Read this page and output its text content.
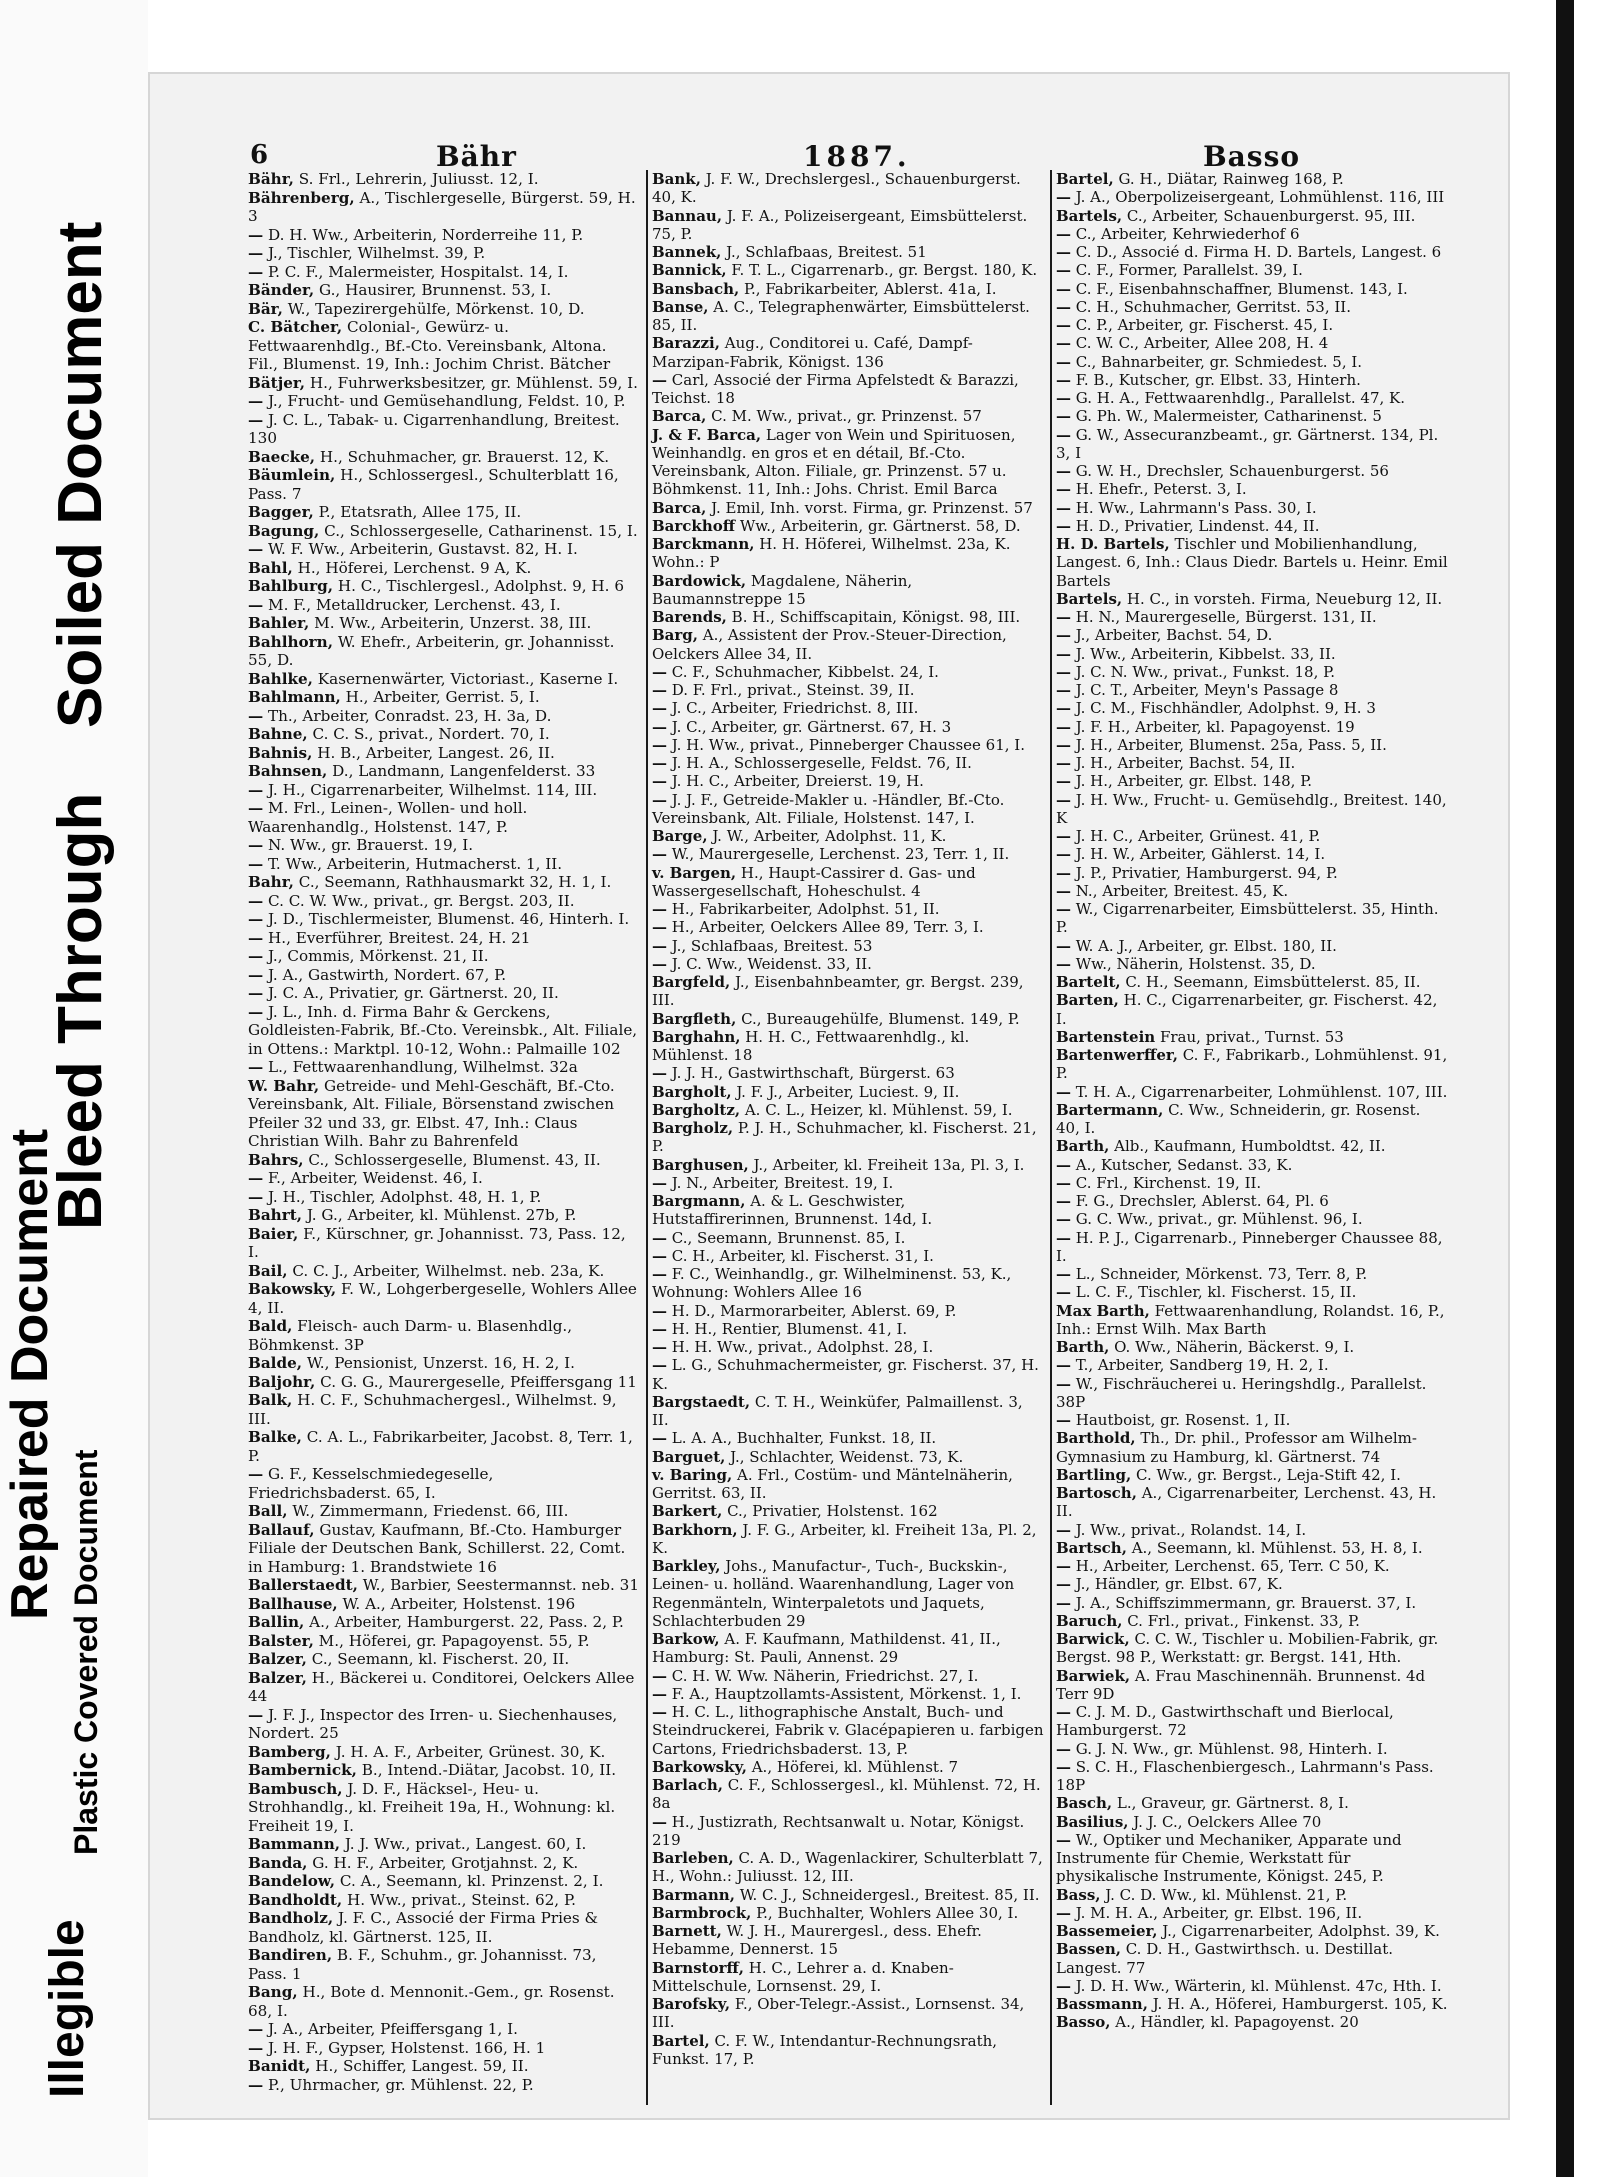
Illegible
Plastic Covered Document
Bleed Through
Soiled Document
Repaired Document
6	Bähr	1887.	Basso
Bähr, S. Frl., Lehrerin, Juliusst. 12, I.
Bährenberg, A., Tischlergeselle, Bürgerst. 59, H. 3
— D. H. Ww., Arbeiterin, Norderreihe 11, P.
— J., Tischler, Wilhelmst. 39, P.
— P. C. F., Malermeister, Hospitalst. 14, I.
Bänder, G., Hausirer, Brunnenst. 53, I.
Bär, W., Tapezirergehülfe, Mörkenst. 10, D.
C. Bätcher, Colonial-, Gewürz- u. Fettwaarenhdlg., Bf.-Cto. Vereinsbank, Altona. Fil., Blumenst. 19, Inh.: Jochim Christ. Bätcher
Bätjer, H., Fuhrwerksbesitzer, gr. Mühlenst. 59, I.
— J., Frucht- und Gemüsehandlung, Feldst. 10, P.
— J. C. L., Tabak- u. Cigarrenhandlung, Breitest. 130
Baecke, H., Schuhmacher, gr. Brauerst. 12, K.
Bäumlein, H., Schlossergesl., Schulterblatt 16, Pass. 7
Bagger, P., Etatsrath, Allee 175, II.
Bagung, C., Schlossergeselle, Catharinenst. 15, I.
— W. F. Ww., Arbeiterin, Gustavst. 82, H. I.
Bahl, H., Höferei, Lerchenst. 9 A, K.
Bahlburg, H. C., Tischlergesl., Adolphst. 9, H. 6
— M. F., Metalldrucker, Lerchenst. 43, I.
Bahler, M. Ww., Arbeiterin, Unzerst. 38, III.
Bahlhorn, W. Ehefr., Arbeiterin, gr. Johannisst. 55, D.
Bahlke, Kasernenwärter, Victoriast., Kaserne I.
Bahlmann, H., Arbeiter, Gerrist. 5, I.
— Th., Arbeiter, Conradst. 23, H. 3a, D.
Bahne, C. C. S., privat., Nordert. 70, I.
Bahnis, H. B., Arbeiter, Langest. 26, II.
Bahnsen, D., Landmann, Langenfelderst. 33
— J. H., Cigarrenarbeiter, Wilhelmst. 114, III.
— M. Frl., Leinen-, Wollen- und holl. Waarenhandlg., Holstenst. 147, P.
— N. Ww., gr. Brauerst. 19, I.
— T. Ww., Arbeiterin, Hutmacherst. 1, II.
Bahr, C., Seemann, Rathhausmarkt 32, H. 1, I.
— C. C. W. Ww., privat., gr. Bergst. 203, II.
— J. D., Tischlermeister, Blumenst. 46, Hinterh. I.
— H., Everführer, Breitest. 24, H. 21
— J., Commis, Mörkenst. 21, II.
— J. A., Gastwirth, Nordert. 67, P.
— J. C. A., Privatier, gr. Gärtnerst. 20, II.
— J. L., Inh. d. Firma Bahr & Gerckens, Goldleisten-Fabrik, Bf.-Cto. Vereinsbk., Alt. Filiale, in Ottens.: Marktpl. 10-12, Wohn.: Palmaille 102
— L., Fettwaarenhandlung, Wilhelmst. 32a
W. Bahr, Getreide- und Mehl-Geschäft, Bf.-Cto. Vereinsbank, Alt. Filiale, Börsenstand zwischen Pfeiler 32 und 33, gr. Elbst. 47, Inh.: Claus Christian Wilh. Bahr zu Bahrenfeld
Bahrs, C., Schlossergeselle, Blumenst. 43, II.
— F., Arbeiter, Weidenst. 46, I.
— J. H., Tischler, Adolphst. 48, H. 1, P.
Bahrt, J. G., Arbeiter, kl. Mühlenst. 27b, P.
Baier, F., Kürschner, gr. Johannisst. 73, Pass. 12, I.
Bail, C. C. J., Arbeiter, Wilhelmst. neb. 23a, K.
Bakowsky, F. W., Lohgerbergeselle, Wohlers Allee 4, II.
Bald, Fleisch- auch Darm- u. Blasenhdlg., Böhmkenst. 3P
Balde, W., Pensionist, Unzerst. 16, H. 2, I.
Baljohr, C. G. G., Maurergeselle, Pfeiffersgang 11
Balk, H. C. F., Schuhmachergesl., Wilhelmst. 9, III.
Balke, C. A. L., Fabrikarbeiter, Jacobst. 8, Terr. 1, P.
— G. F., Kesselschmiedegeselle, Friedrichsbaderst. 65, I.
Ball, W., Zimmermann, Friedenst. 66, III.
Ballauf, Gustav, Kaufmann, Bf.-Cto. Hamburger Filiale der Deutschen Bank, Schillerst. 22, Comt. in Hamburg: 1. Brandstwiete 16
Ballerstaedt, W., Barbier, Seestermannst. neb. 31
Ballhause, W. A., Arbeiter, Holstenst. 196
Ballin, A., Arbeiter, Hamburgerst. 22, Pass. 2, P.
Balster, M., Höferei, gr. Papagoyenst. 55, P.
Balzer, C., Seemann, kl. Fischerst. 20, II.
Balzer, H., Bäckerei u. Conditorei, Oelckers Allee 44
— J. F. J., Inspector des Irren- u. Siechenhauses, Nordert. 25
Bamberg, J. H. A. F., Arbeiter, Grünest. 30, K.
Bambernick, B., Intend.-Diätar, Jacobst. 10, II.
Bambusch, J. D. F., Häcksel-, Heu- u. Strohhandlg., kl. Freiheit 19a, H., Wohnung: kl. Freiheit 19, I.
Bammann, J. J. Ww., privat., Langest. 60, I.
Banda, G. H. F., Arbeiter, Grotjahnst. 2, K.
Bandelow, C. A., Seemann, kl. Prinzenst. 2, I.
Bandholdt, H. Ww., privat., Steinst. 62, P.
Bandholz, J. F. C., Associé der Firma Pries & Bandholz, kl. Gärtnerst. 125, II.
Bandiren, B. F., Schuhm., gr. Johannisst. 73, Pass. 1
Bang, H., Bote d. Mennonit.-Gem., gr. Rosenst. 68, I.
— J. A., Arbeiter, Pfeiffersgang 1, I.
— J. H. F., Gypser, Holstenst. 166, H. 1
Banidt, H., Schiffer, Langest. 59, II.
— P., Uhrmacher, gr. Mühlenst. 22, P.
Bank, J. F. W., Drechslergesl., Schauenburgerst. 40, K.
Bannau, J. F. A., Polizeisergeant, Eimsbüttelerst. 75, P.
Bannek, J., Schlafbaas, Breitest. 51
Bannick, F. T. L., Cigarrenarb., gr. Bergst. 180, K.
Bansbach, P., Fabrikarbeiter, Ablerst. 41a, I.
Banse, A. C., Telegraphenwärter, Eimsbüttelerst. 85, II.
Barazzi, Aug., Conditorei u. Café, Dampf-Marzipan-Fabrik, Königst. 136
— Carl, Associé der Firma Apfelstedt & Barazzi, Teichst. 18
Barca, C. M. Ww., privat., gr. Prinzenst. 57
J. & F. Barca, Lager von Wein und Spirituosen, Weinhandlg. en gros et en détail, Bf.-Cto. Vereinsbank, Alton. Filiale, gr. Prinzenst. 57 u. Böhmkenst. 11, Inh.: Johs. Christ. Emil Barca
Barca, J. Emil, Inh. vorst. Firma, gr. Prinzenst. 57
Barckhoff Ww., Arbeiterin, gr. Gärtnerst. 58, D.
Barckmann, H. H. Höferei, Wilhelmst. 23a, K. Wohn.: P
Bardowick, Magdalene, Näherin, Baumannstreppe 15
Barends, B. H., Schiffscapitain, Königst. 98, III.
Barg, A., Assistent der Prov.-Steuer-Direction, Oelckers Allee 34, II.
— C. F., Schuhmacher, Kibbelst. 24, I.
— D. F. Frl., privat., Steinst. 39, II.
— J. C., Arbeiter, Friedrichst. 8, III.
— J. C., Arbeiter, gr. Gärtnerst. 67, H. 3
— J. H. Ww., privat., Pinneberger Chaussee 61, I.
— J. H. A., Schlossergeselle, Feldst. 76, II.
— J. H. C., Arbeiter, Dreierst. 19, H.
— J. J. F., Getreide-Makler u. -Händler, Bf.-Cto. Vereinsbank, Alt. Filiale, Holstenst. 147, I.
Barge, J. W., Arbeiter, Adolphst. 11, K.
— W., Maurergeselle, Lerchenst. 23, Terr. 1, II.
v. Bargen, H., Haupt-Cassirer d. Gas- und Wassergesellschaft, Hoheschulst. 4
— H., Fabrikarbeiter, Adolphst. 51, II.
— H., Arbeiter, Oelckers Allee 89, Terr. 3, I.
— J., Schlafbaas, Breitest. 53
— J. C. Ww., Weidenst. 33, II.
Bargfeld, J., Eisenbahnbeamter, gr. Bergst. 239, III.
Bargfleth, C., Bureaugehülfe, Blumenst. 149, P.
Barghahn, H. H. C., Fettwaarenhdlg., kl. Mühlenst. 18
— J. J. H., Gastwirthschaft, Bürgerst. 63
Bargholt, J. F. J., Arbeiter, Luciest. 9, II.
Bargholtz, A. C. L., Heizer, kl. Mühlenst. 59, I.
Bargholz, P. J. H., Schuhmacher, kl. Fischerst. 21, P.
Barghusen, J., Arbeiter, kl. Freiheit 13a, Pl. 3, I.
— J. N., Arbeiter, Breitest. 19, I.
Bargmann, A. & L. Geschwister, Hutstaffirerinnen, Brunnenst. 14d, I.
— C., Seemann, Brunnenst. 85, I.
— C. H., Arbeiter, kl. Fischerst. 31, I.
— F. C., Weinhandlg., gr. Wilhelminenst. 53, K., Wohnung: Wohlers Allee 16
— H. D., Marmorarbeiter, Ablerst. 69, P.
— H. H., Rentier, Blumenst. 41, I.
— H. H. Ww., privat., Adolphst. 28, I.
— L. G., Schuhmachermeister, gr. Fischerst. 37, H. K.
Bargstaedt, C. T. H., Weinküfer, Palmaillenst. 3, II.
— L. A. A., Buchhalter, Funkst. 18, II.
Barguet, J., Schlachter, Weidenst. 73, K.
v. Baring, A. Frl., Costüm- und Mäntelnäherin, Gerritst. 63, II.
Barkert, C., Privatier, Holstenst. 162
Barkhorn, J. F. G., Arbeiter, kl. Freiheit 13a, Pl. 2, K.
Barkley, Johs., Manufactur-, Tuch-, Buckskin-, Leinen- u. holländ. Waarenhandlung, Lager von Regenmänteln, Winterpaletots und Jaquets, Schlachterbuden 29
Barkow, A. F. Kaufmann, Mathildenst. 41, II., Hamburg: St. Pauli, Annenst. 29
— C. H. W. Ww. Näherin, Friedrichst. 27, I.
— F. A., Hauptzollamts-Assistent, Mörkenst. 1, I.
— H. C. L., lithographische Anstalt, Buch- und Steindruckerei, Fabrik v. Glacépapieren u. farbigen Cartons, Friedrichsbaderst. 13, P.
Barkowsky, A., Höferei, kl. Mühlenst. 7
Barlach, C. F., Schlossergesl., kl. Mühlenst. 72, H. 8a
— H., Justizrath, Rechtsanwalt u. Notar, Königst. 219
Barleben, C. A. D., Wagenlackirer, Schulterblatt 7, H., Wohn.: Juliusst. 12, III.
Barmann, W. C. J., Schneidergesl., Breitest. 85, II.
Barmbrock, P., Buchhalter, Wohlers Allee 30, I.
Barnett, W. J. H., Maurergesl., dess. Ehefr. Hebamme, Dennerst. 15
Barnstorff, H. C., Lehrer a. d. Knaben-Mittelschule, Lornsenst. 29, I.
Barofsky, F., Ober-Telegr.-Assist., Lornsenst. 34, III.
Bartel, C. F. W., Intendantur-Rechnungsrath, Funkst. 17, P.
Bartel, G. H., Diätar, Rainweg 168, P.
— J. A., Oberpolizeisergeant, Lohmühlenst. 116, III
Bartels, C., Arbeiter, Schauenburgerst. 95, III.
— C., Arbeiter, Kehrwiederhof 6
— C. D., Associé d. Firma H. D. Bartels, Langest. 6
— C. F., Former, Parallelst. 39, I.
— C. F., Eisenbahnschaffner, Blumenst. 143, I.
— C. H., Schuhmacher, Gerritst. 53, II.
— C. P., Arbeiter, gr. Fischerst. 45, I.
— C. W. C., Arbeiter, Allee 208, H. 4
— C., Bahnarbeiter, gr. Schmiedest. 5, I.
— F. B., Kutscher, gr. Elbst. 33, Hinterh.
— G. H. A., Fettwaarenhdlg., Parallelst. 47, K.
— G. Ph. W., Malermeister, Catharinenst. 5
— G. W., Assecuranzbeamt., gr. Gärtnerst. 134, Pl. 3, I
— G. W. H., Drechsler, Schauenburgerst. 56
— H. Ehefr., Peterst. 3, I.
— H. Ww., Lahrmann's Pass. 30, I.
— H. D., Privatier, Lindenst. 44, II.
H. D. Bartels, Tischler und Mobilienhandlung, Langest. 6, Inh.: Claus Diedr. Bartels u. Heinr. Emil Bartels
Bartels, H. C., in vorsteh. Firma, Neueburg 12, II.
— H. N., Maurergeselle, Bürgerst. 131, II.
— J., Arbeiter, Bachst. 54, D.
— J. Ww., Arbeiterin, Kibbelst. 33, II.
— J. C. N. Ww., privat., Funkst. 18, P.
— J. C. T., Arbeiter, Meyn's Passage 8
— J. C. M., Fischhändler, Adolphst. 9, H. 3
— J. F. H., Arbeiter, kl. Papagoyenst. 19
— J. H., Arbeiter, Blumenst. 25a, Pass. 5, II.
— J. H., Arbeiter, Bachst. 54, II.
— J. H., Arbeiter, gr. Elbst. 148, P.
— J. H. Ww., Frucht- u. Gemüsehdlg., Breitest. 140, K
— J. H. C., Arbeiter, Grünest. 41, P.
— J. H. W., Arbeiter, Gählerst. 14, I.
— J. P., Privatier, Hamburgerst. 94, P.
— N., Arbeiter, Breitest. 45, K.
— W., Cigarrenarbeiter, Eimsbüttelerst. 35, Hinth. P.
— W. A. J., Arbeiter, gr. Elbst. 180, II.
— Ww., Näherin, Holstenst. 35, D.
Bartelt, C. H., Seemann, Eimsbüttelerst. 85, II.
Barten, H. C., Cigarrenarbeiter, gr. Fischerst. 42, I.
Bartenstein Frau, privat., Turnst. 53
Bartenwerffer, C. F., Fabrikarb., Lohmühlenst. 91, P.
— T. H. A., Cigarrenarbeiter, Lohmühlenst. 107, III.
Bartermann, C. Ww., Schneiderin, gr. Rosenst. 40, I.
Barth, Alb., Kaufmann, Humboldtst. 42, II.
— A., Kutscher, Sedanst. 33, K.
— C. Frl., Kirchenst. 19, II.
— F. G., Drechsler, Ablerst. 64, Pl. 6
— G. C. Ww., privat., gr. Mühlenst. 96, I.
— H. P. J., Cigarrenarb., Pinneberger Chaussee 88, I.
— L., Schneider, Mörkenst. 73, Terr. 8, P.
— L. C. F., Tischler, kl. Fischerst. 15, II.
Max Barth, Fettwaarenhandlung, Rolandst. 16, P., Inh.: Ernst Wilh. Max Barth
Barth, O. Ww., Näherin, Bäckerst. 9, I.
— T., Arbeiter, Sandberg 19, H. 2, I.
— W., Fischräucherei u. Heringshdlg., Parallelst. 38P
— Hautboist, gr. Rosenst. 1, II.
Barthold, Th., Dr. phil., Professor am Wilhelm-Gymnasium zu Hamburg, kl. Gärtnerst. 74
Bartling, C. Ww., gr. Bergst., Leja-Stift 42, I.
Bartosch, A., Cigarrenarbeiter, Lerchenst. 43, H. II.
— J. Ww., privat., Rolandst. 14, I.
Bartsch, A., Seemann, kl. Mühlenst. 53, H. 8, I.
— H., Arbeiter, Lerchenst. 65, Terr. C 50, K.
— J., Händler, gr. Elbst. 67, K.
— J. A., Schiffszimmermann, gr. Brauerst. 37, I.
Baruch, C. Frl., privat., Finkenst. 33, P.
Barwick, C. C. W., Tischler u. Mobilien-Fabrik, gr. Bergst. 98 P., Werkstatt: gr. Bergst. 141, Hth.
Barwiek, A. Frau Maschinennäh. Brunnenst. 4d Terr 9D
— C. J. M. D., Gastwirthschaft und Bierlocal, Hamburgerst. 72
— G. J. N. Ww., gr. Mühlenst. 98, Hinterh. I.
— S. C. H., Flaschenbiergesch., Lahrmann's Pass. 18P
Basch, L., Graveur, gr. Gärtnerst. 8, I.
Basilius, J. J. C., Oelckers Allee 70
— W., Optiker und Mechaniker, Apparate und Instrumente für Chemie, Werkstatt für physikalische Instrumente, Königst. 245, P.
Bass, J. C. D. Ww., kl. Mühlenst. 21, P.
— J. M. H. A., Arbeiter, gr. Elbst. 196, II.
Bassemeier, J., Cigarrenarbeiter, Adolphst. 39, K.
Bassen, C. D. H., Gastwirthsch. u. Destillat. Langest. 77
— J. D. H. Ww., Wärterin, kl. Mühlenst. 47c, Hth. I.
Bassmann, J. H. A., Höferei, Hamburgerst. 105, K.
Basso, A., Händler, kl. Papagoyenst. 20
